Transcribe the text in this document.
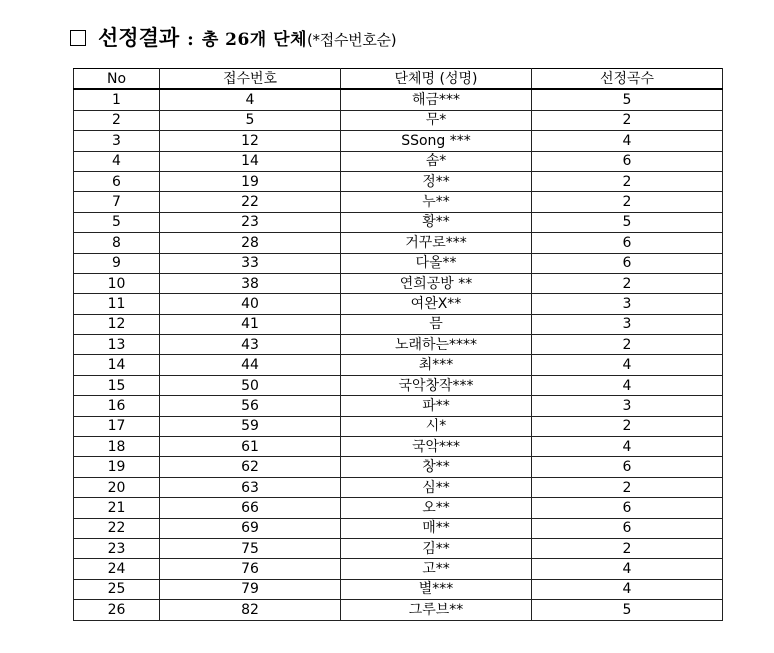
선정결과 : 총 26개 단체 (*접수번호순)
No	접수번호	단체명 (성명)	선정곡수
1	4	해금***	5
2	5	무*	2
3	12	SSong ***	4
4	14	솜*	6
6	19	정**	2
7	22	누**	2
5	23	황**	5
8	28	거꾸로***	6
9	33	다올**	6
10	38	연희공방 **	2
11	40	여완X**	3
12	41	믐	3
13	43	노래하는****	2
14	44	최***	4
15	50	국악창작***	4
16	56	파**	3
17	59	시*	2
18	61	국악***	4
19	62	창**	6
20	63	심**	2
21	66	오**	6
22	69	매**	6
23	75	김**	2
24	76	고**	4
25	79	별***	4
26	82	그루브**	5
